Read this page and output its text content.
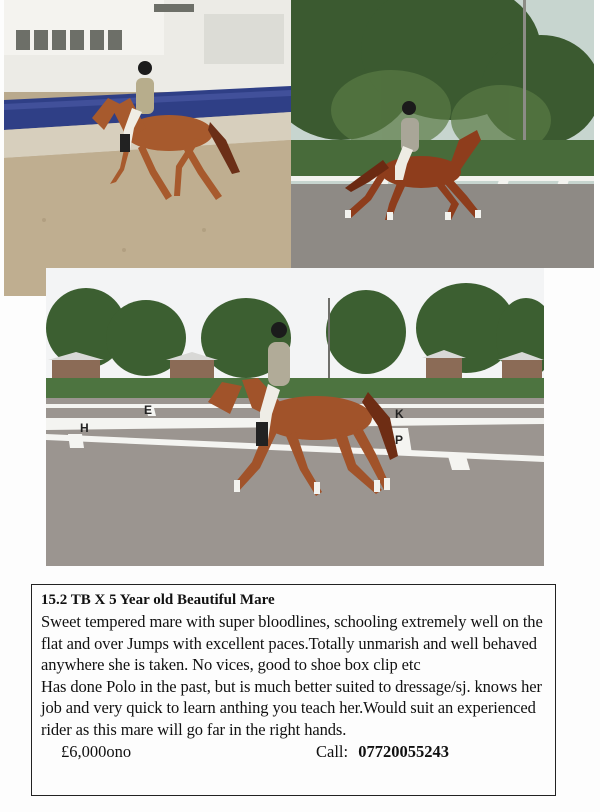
H
K
P
E
15.2 TB X 5 Year old Beautiful Mare

Sweet tempered mare with super bloodlines, schooling extremely well on the flat and over Jumps with excellent paces.Totally unmarish and well behaved anywhere she is taken. No vices, good to shoe box clip etc

Has done Polo in the past, but is much better suited to dressage/sj. knows her job and very quick to learn anthing you teach her.Would suit an experienced rider as this mare will go far in the right hands.

£6,000ono	Call: 07720055243
